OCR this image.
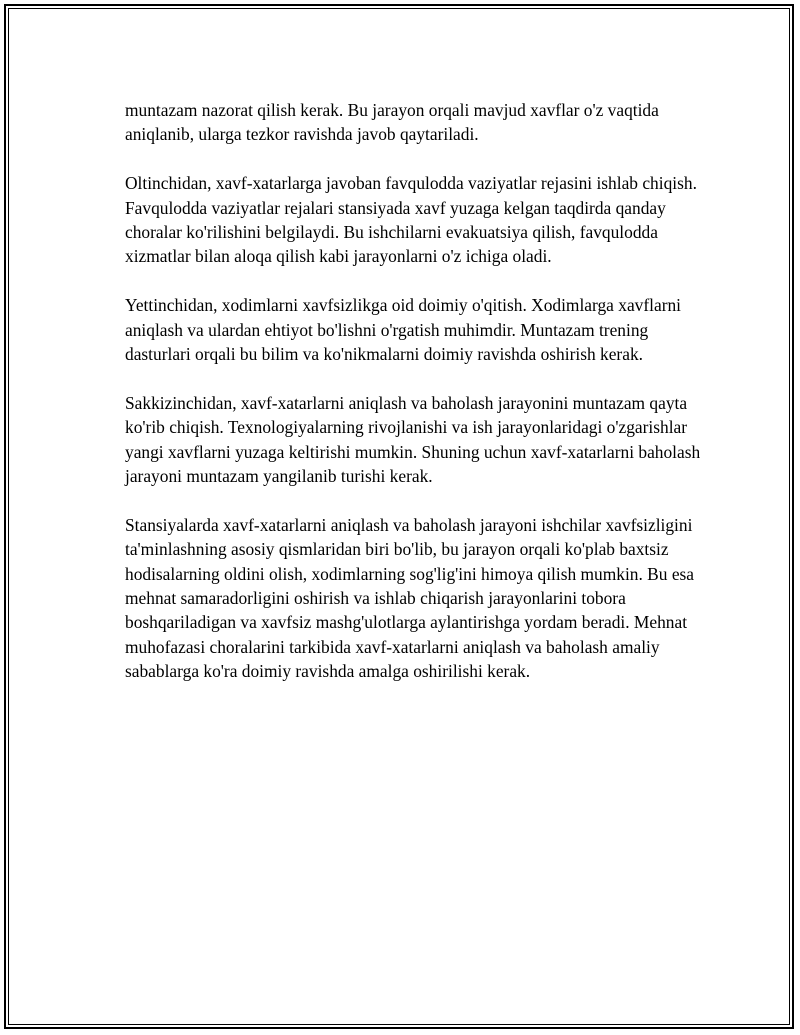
muntazam nazorat qilish kerak. Bu jarayon orqali mavjud xavflar o'z vaqtida aniqlanib, ularga tezkor ravishda javob qaytariladi.

Oltinchidan, xavf-xatarlarga javoban favqulodda vaziyatlar rejasini ishlab chiqish. Favqulodda vaziyatlar rejalari stansiyada xavf yuzaga kelgan taqdirda qanday choralar ko'rilishini belgilaydi. Bu ishchilarni evakuatsiya qilish, favqulodda xizmatlar bilan aloqa qilish kabi jarayonlarni o'z ichiga oladi.

Yettinchidan, xodimlarni xavfsizlikga oid doimiy o'qitish. Xodimlarga xavflarni aniqlash va ulardan ehtiyot bo'lishni o'rgatish muhimdir. Muntazam trening dasturlari orqali bu bilim va ko'nikmalarni doimiy ravishda oshirish kerak.

Sakkizinchidan, xavf-xatarlarni aniqlash va baholash jarayonini muntazam qayta ko'rib chiqish. Texnologiyalarning rivojlanishi va ish jarayonlaridagi o'zgarishlar yangi xavflarni yuzaga keltirishi mumkin. Shuning uchun xavf-xatarlarni baholash jarayoni muntazam yangilanib turishi kerak.

Stansiyalarda xavf-xatarlarni aniqlash va baholash jarayoni ishchilar xavfsizligini ta'minlashning asosiy qismlaridan biri bo'lib, bu jarayon orqali ko'plab baxtsiz hodisalarning oldini olish, xodimlarning sog'lig'ini himoya qilish mumkin. Bu esa mehnat samaradorligini oshirish va ishlab chiqarish jarayonlarini tobora boshqariladigan va xavfsiz mashg'ulotlarga aylantirishga yordam beradi. Mehnat muhofazasi choralarini tarkibida xavf-xatarlarni aniqlash va baholash amaliy sabablarga ko'ra doimiy ravishda amalga oshirilishi kerak.
